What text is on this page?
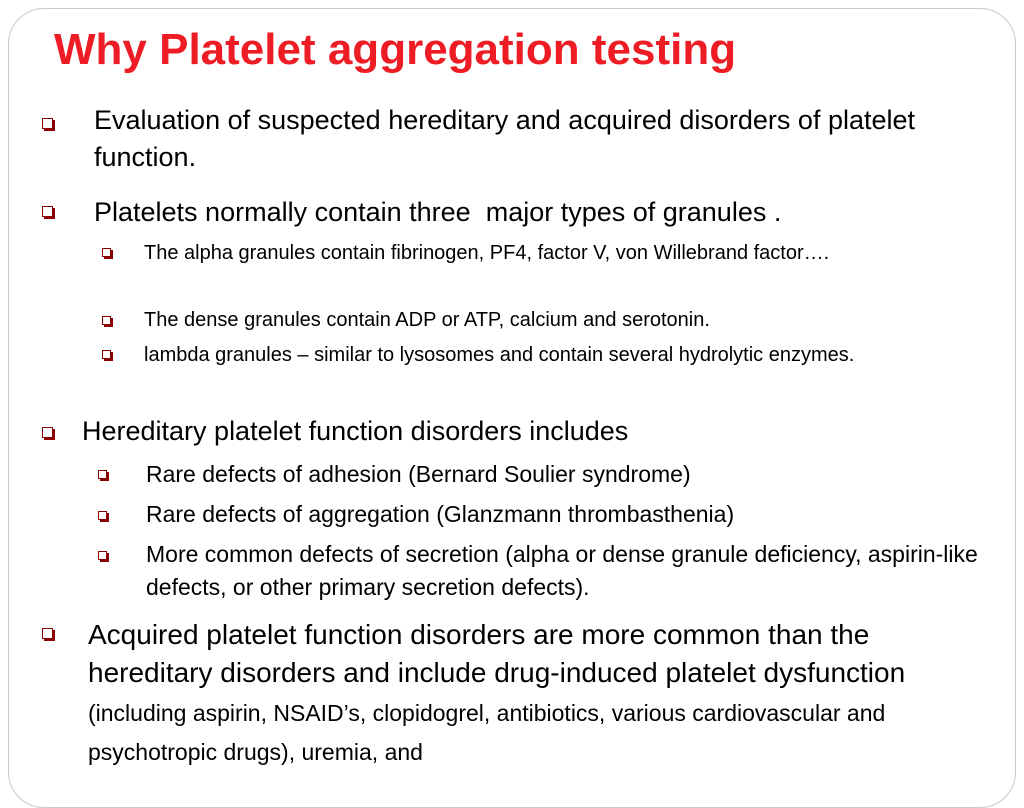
Why Platelet aggregation testing

Evaluation of suspected hereditary and acquired disorders of platelet function.

Platelets normally contain three  major types of granules .

The alpha granules contain fibrinogen, PF4, factor V, von Willebrand factor….

The dense granules contain ADP or ATP, calcium and serotonin.

lambda granules – similar to lysosomes and contain several hydrolytic enzymes.

Hereditary platelet function disorders includes

Rare defects of adhesion (Bernard Soulier syndrome)

Rare defects of aggregation (Glanzmann thrombasthenia)

More common defects of secretion (alpha or dense granule deficiency, aspirin-like defects, or other primary secretion defects).

Acquired platelet function disorders are more common than the hereditary disorders and include drug-induced platelet dysfunction (including aspirin, NSAID’s, clopidogrel, antibiotics, various cardiovascular and psychotropic drugs), uremia, and
